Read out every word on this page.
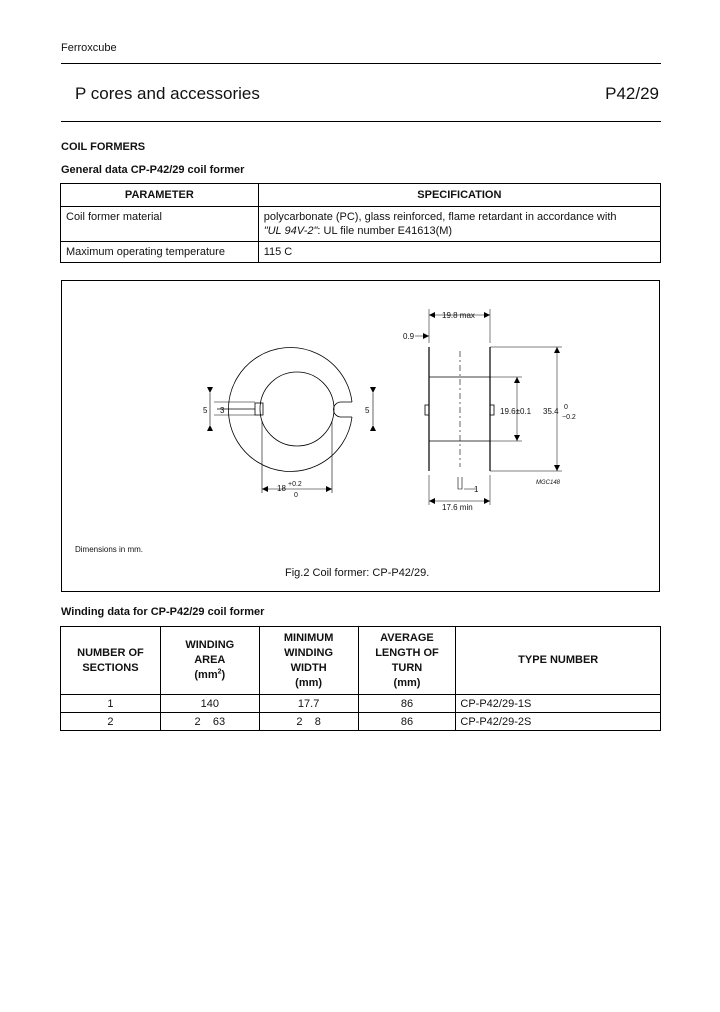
Ferroxcube
P cores and accessories	P42/29
COIL FORMERS
General data CP-P42/29 coil former
PARAMETER	SPECIFICATION
Coil former material	polycarbonate (PC), glass reinforced, flame retardant in accordance with
"UL 94V-2": UL file number E41613(M)
Maximum operating temperature	115 C
5 3	5
18 +0.2
0
19.8 max
0.9
19.6±0.1 35.4 0
−0.2
1
17.6 min
MGC148
Dimensions in mm.
Fig.2 Coil former: CP-P42/29.
Winding data for CP-P42/29 coil former
NUMBER OF
SECTIONS	WINDING
AREA
$(mm^2)$	MINIMUM
WINDING
WIDTH
(mm)	AVERAGE
LENGTH OF
TURN
(mm)	TYPE NUMBER
1	140	17.7	86	CP-P42/29-1S
2	2    63	2    8	86	CP-P42/29-2S
